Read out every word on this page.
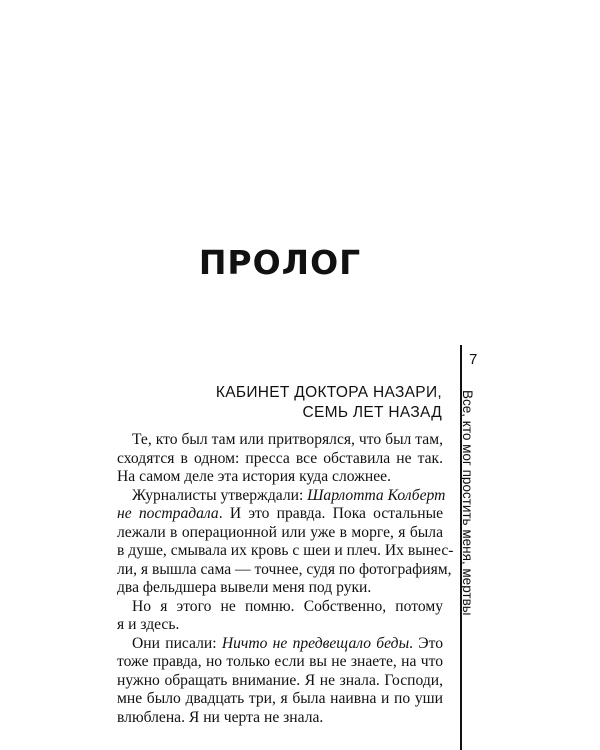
ПРОЛОГ
КАБИНЕТ ДОКТОРА НАЗАРИ,
СЕМЬ ЛЕТ НАЗАД
Те, кто был там или притворялся, что был там,
сходятся в одном: пресса все обставила не так.
На самом деле эта история куда сложнее.
Журналисты утверждали: Шарлотта Колберт
не пострадала. И это правда. Пока остальные
лежали в операционной или уже в морге, я была
в душе, смывала их кровь с шеи и плеч. Их вынес-
ли, я вышла сама — точнее, судя по фотографиям,
два фельдшера вывели меня под руки.
Но я этого не помню. Собственно, потому
я и здесь.
Они писали: Ничто не предвещало беды. Это
тоже правда, но только если вы не знаете, на что
нужно обращать внимание. Я не знала. Господи,
мне было двадцать три, я была наивна и по уши
влюблена. Я ни черта не знала.
7
Все, кто мог простить меня, мертвы
